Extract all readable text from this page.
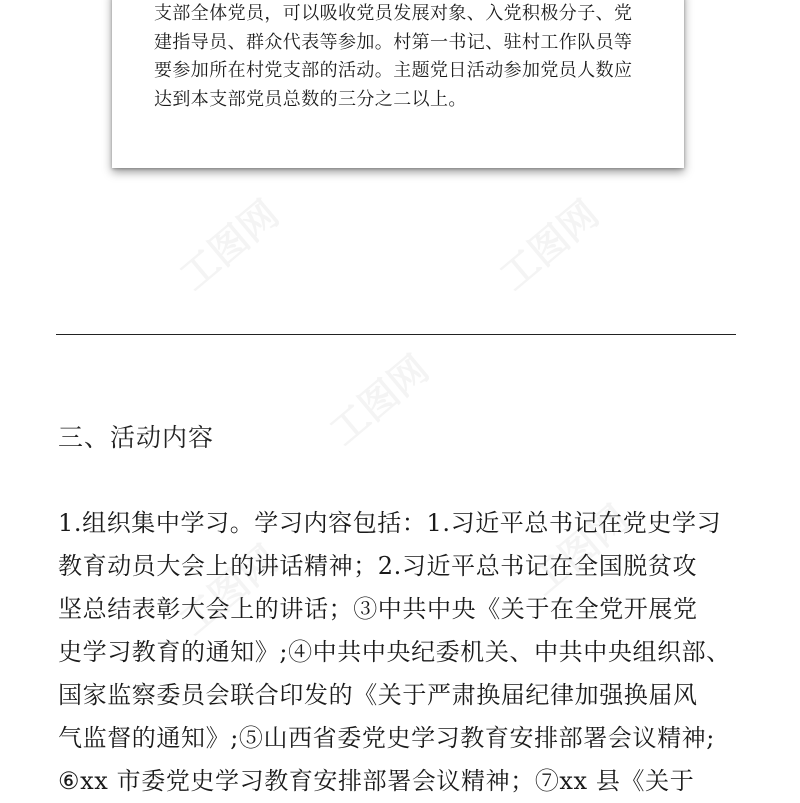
支部全体党员，可以吸收党员发展对象、入党积极分子、党
建指导员、群众代表等参加。村第一书记、驻村工作队员等
要参加所在村党支部的活动。主题党日活动参加党员人数应
达到本支部党员总数的三分之二以上。

工图网	工图网
工图网
工图网
工图网
三、活动内容

1.组织集中学习。学习内容包括：1.习近平总书记在党史学习
教育动员大会上的讲话精神；2.习近平总书记在全国脱贫攻
坚总结表彰大会上的讲话；③中共中央《关于在全党开展党
史学习教育的通知》;④中共中央纪委机关、中共中央组织部、
国家监察委员会联合印发的《关于严肃换届纪律加强换届风
气监督的通知》;⑤山西省委党史学习教育安排部署会议精神;
⑥xx 市委党史学习教育安排部署会议精神；⑦xx 县《关于
